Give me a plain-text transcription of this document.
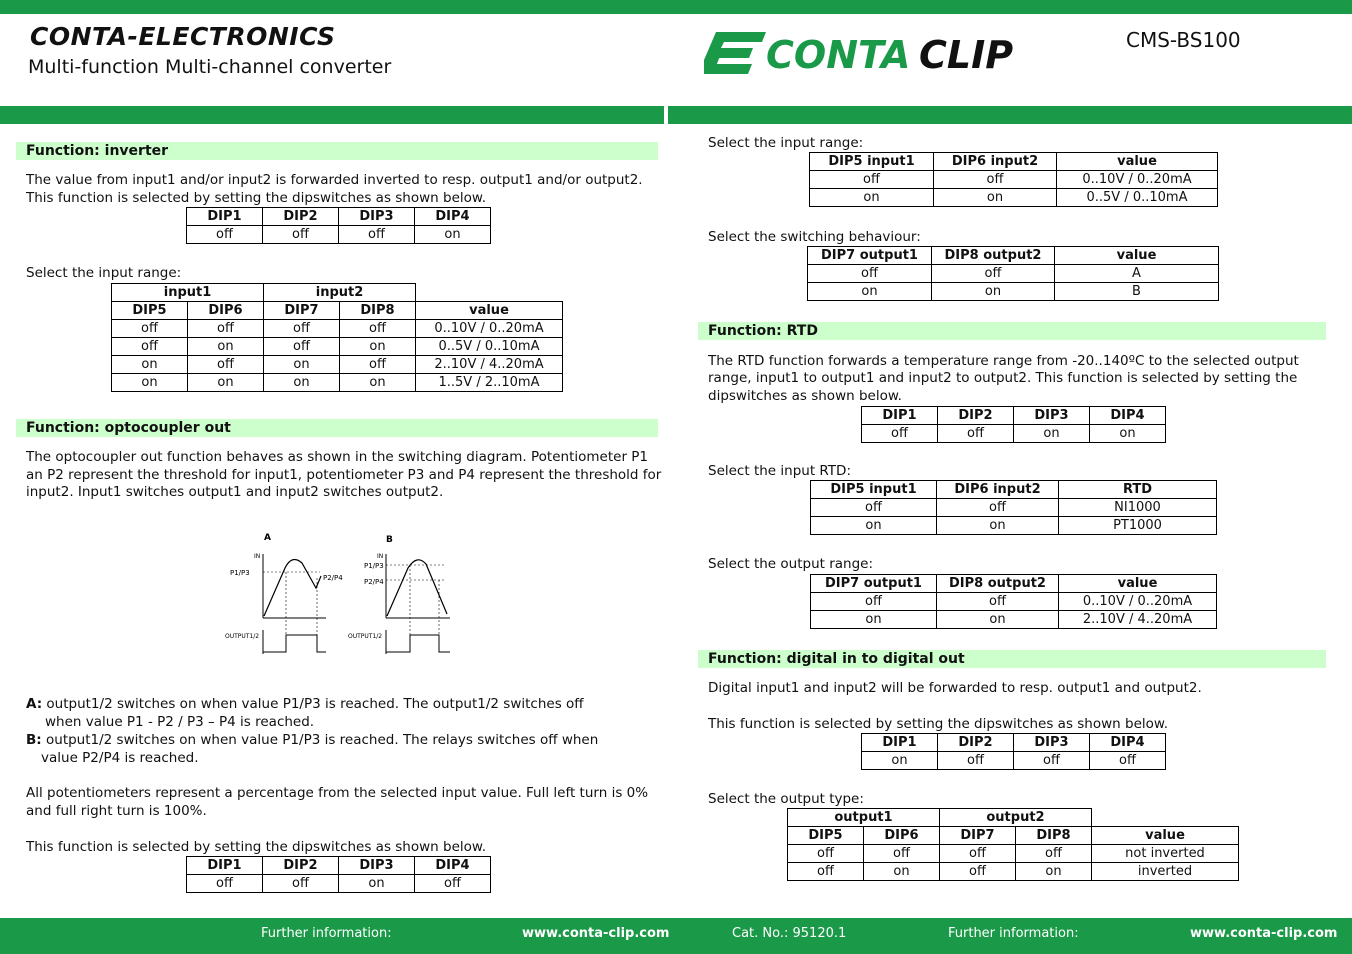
CONTA-ELECTRONICS
Multi-function Multi-channel converter	CONTA CLIP	CMS-BS100
Function: inverter
The value from input1 and/or input2 is forwarded inverted to resp. output1 and/or output2.
This function is selected by setting the dipswitches as shown below.
DIP1	DIP2	DIP3	DIP4
off	off	off	on
Select the input range:
input1		input2		
DIP5	DIP6	DIP7	DIP8	value
off	off	off	off	0..10V / 0..20mA
off	on	off	on	0..5V / 0..10mA
on	off	on	off	2..10V / 4..20mA
on	on	on	on	1..5V / 2..10mA
Function: optocoupler out
The optocoupler out function behaves as shown in the switching diagram. Potentiometer P1
an P2 represent the threshold for input1, potentiometer P3 and P4 represent the threshold for
input2. Input1 switches output1 and input2 switches output2.
A
IN
P1/P3
P2/P4
OUTPUT1/2
B
IN
P1/P3
P2/P4
OUTPUT1/2
A: output1/2 switches on when value P1/P3 is reached. The output1/2 switches off
when value P1 - P2 / P3 – P4 is reached.
B: output1/2 switches on when value P1/P3 is reached. The relays switches off when
value P2/P4 is reached.
All potentiometers represent a percentage from the selected input value. Full left turn is 0%
and full right turn is 100%.
This function is selected by setting the dipswitches as shown below.
DIP1	DIP2	DIP3	DIP4
off	off	on	off
Select the input range:
DIP5 input1	DIP6 input2	value
off	off	0..10V / 0..20mA
on	on	0..5V / 0..10mA
Select the switching behaviour:
DIP7 output1	DIP8 output2	value
off	off	A
on	on	B
Function: RTD
The RTD function forwards a temperature range from -20..140ºC to the selected output
range, input1 to output1 and input2 to output2. This function is selected by setting the
dipswitches as shown below.
DIP1	DIP2	DIP3	DIP4
off	off	on	on
Select the input RTD:
DIP5 input1	DIP6 input2	RTD
off	off	NI1000
on	on	PT1000
Select the output range:
DIP7 output1	DIP8 output2	value
off	off	0..10V / 0..20mA
on	on	2..10V / 4..20mA
Function: digital in to digital out
Digital input1 and input2 will be forwarded to resp. output1 and output2.
This function is selected by setting the dipswitches as shown below.
DIP1	DIP2	DIP3	DIP4
on	off	off	off
Select the output type:
output1		output2		
DIP5	DIP6	DIP7	DIP8	value
off	off	off	off	not inverted
off	on	off	on	inverted
Further information:	www.conta-clip.com	Cat. No.: 95120.1	Further information:	www.conta-clip.com
